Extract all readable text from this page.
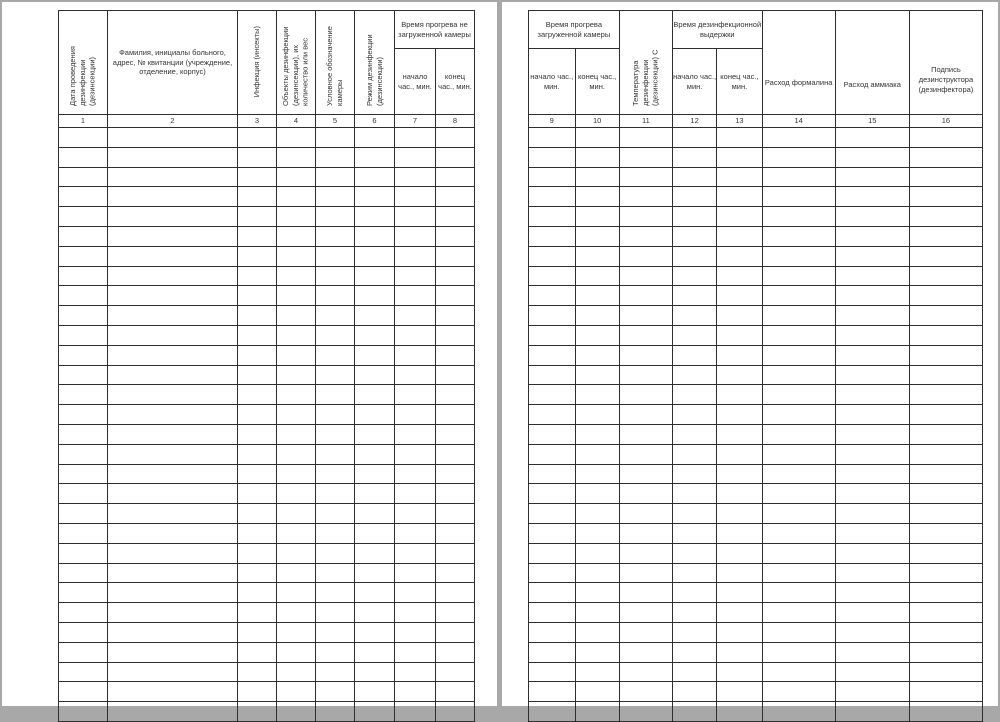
Дата проведения дезинфекции (дезинсекции)	Фамилия, инициалы больного, адрес, № квитанции (учреждение, отделение, корпус)	Инфекция (инсекты)	Объекты дезинфекции (дезинсекции), их количество или вес	Условное обозначение камеры	Режим дезинфекции (дезинсекции)	Время прогрева не загруженной камеры	
						начало час., мин.	конец час., мин.
1	2	3	4	5	6	7	8

Время прогрева загруженной камеры		Температура дезинфекции (дезинсекции) С	Время дезинфекционной выдержки		Расход формалина	Расход аммиака	Подпись дезинструктора (дезинфектора)
начало час., мин.	конец час., мин.		начало час., мин.	конец час., мин.			
9	10	11	12	13	14	15	16
